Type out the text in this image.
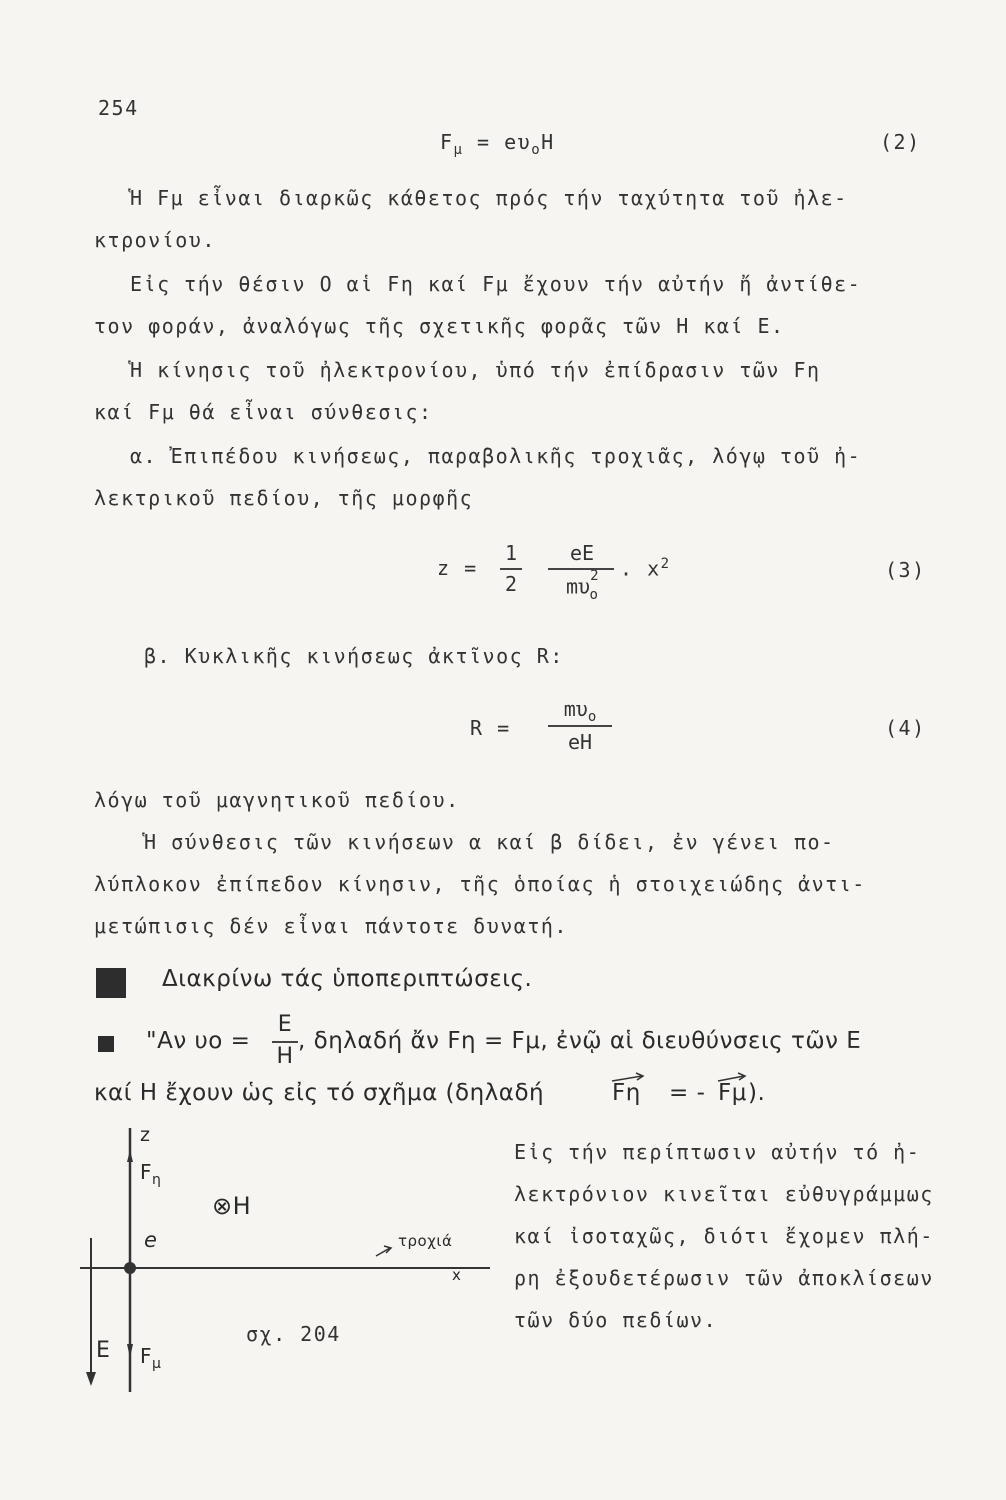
254
$F_\mu = e\upsilon_oH$	(2)
Ἡ Fμ εἶναι διαρκῶς κάθετος πρός τήν ταχύτητα τοῦ ἠλε-
κτρονίου.
Εἰς τήν θέσιν Ο αἱ Fη καί Fμ ἔχουν τήν αὐτήν ἤ ἀντίθε-
τον φοράν, ἀναλόγως τῆς σχετικῆς φορᾶς τῶν Η καί Ε.
Ἡ κίνησις τοῦ ἠλεκτρονίου, ὑπό τήν ἐπίδρασιν τῶν Fη
καί Fμ θά εἶναι σύνθεσις:
α. Ἐπιπέδου κινήσεως, παραβολικῆς τροχιᾶς, λόγῳ τοῦ ἠ-
λεκτρικοῦ πεδίου, τῆς μορφῆς
z =
1
2
eE
$m\upsilon^2_o$
. $x^2$	(3)
β. Κυκλικῆς κινήσεως ἀκτῖνος R:
R =
$m\upsilon_o$
eH
(4)
λόγω τοῦ μαγνητικοῦ πεδίου.
Ἡ σύνθεσις τῶν κινήσεων α καί β δίδει, ἐν γένει πο-
λύπλοκον ἐπίπεδον κίνησιν, τῆς ὁποίας ἡ στοιχειώδης ἀντι-
μετώπισις δέν εἶναι πάντοτε δυνατή.
Διακρίνω τάς ὑποπεριπτώσεις.
"Αν υο =
E
H
, δηλαδή ἄν Fη = Fμ, ἐνῷ αἱ διευθύνσεις τῶν Ε
καί Η ἔχουν ὡς εἰς τό σχῆμα (δηλαδή	Fη = - Fμ ).
z
$F_\eta$
⊗H
e	τροχιά
x
E $F_\mu$
σχ. 204
Εἰς τήν περίπτωσιν αὐτήν τό ἠ-
λεκτρόνιον κινεῖται εὐθυγράμμως
καί ἰσοταχῶς, διότι ἔχομεν πλή-
ρη ἐξουδετέρωσιν τῶν ἀποκλίσεων
τῶν δύο πεδίων.
